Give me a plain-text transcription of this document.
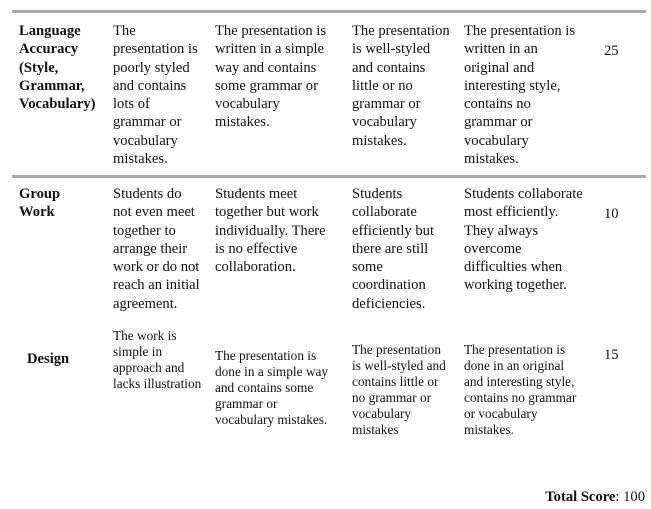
Language
Accuracy
(Style,
Grammar,
Vocabulary)
The
presentation is
poorly styled
and contains
lots of
grammar or
vocabulary
mistakes.
The presentation is
written in a simple
way and contains
some grammar or
vocabulary
mistakes.
The presentation
is well-styled
and contains
little or no
grammar or
vocabulary
mistakes.
The presentation is
written in an
original and
interesting style,
contains no
grammar or
vocabulary
mistakes.
25
Group
Work
Students do
not even meet
together to
arrange their
work or do not
reach an initial
agreement.
Students meet
together but work
individually. There
is no effective
collaboration.
Students
collaborate
efficiently but
there are still
some
coordination
deficiencies.
Students collaborate
most efficiently.
They always
overcome
difficulties when
working together.
10
Design
The work is
simple in
approach and
lacks illustration
The presentation is
done in a simple way
and contains some
grammar or
vocabulary mistakes.
The presentation
is well-styled and
contains little or
no grammar or
vocabulary
mistakes
The presentation is
done in an original
and interesting style,
contains no grammar
or vocabulary
mistakes.
15
Total Score: 100
